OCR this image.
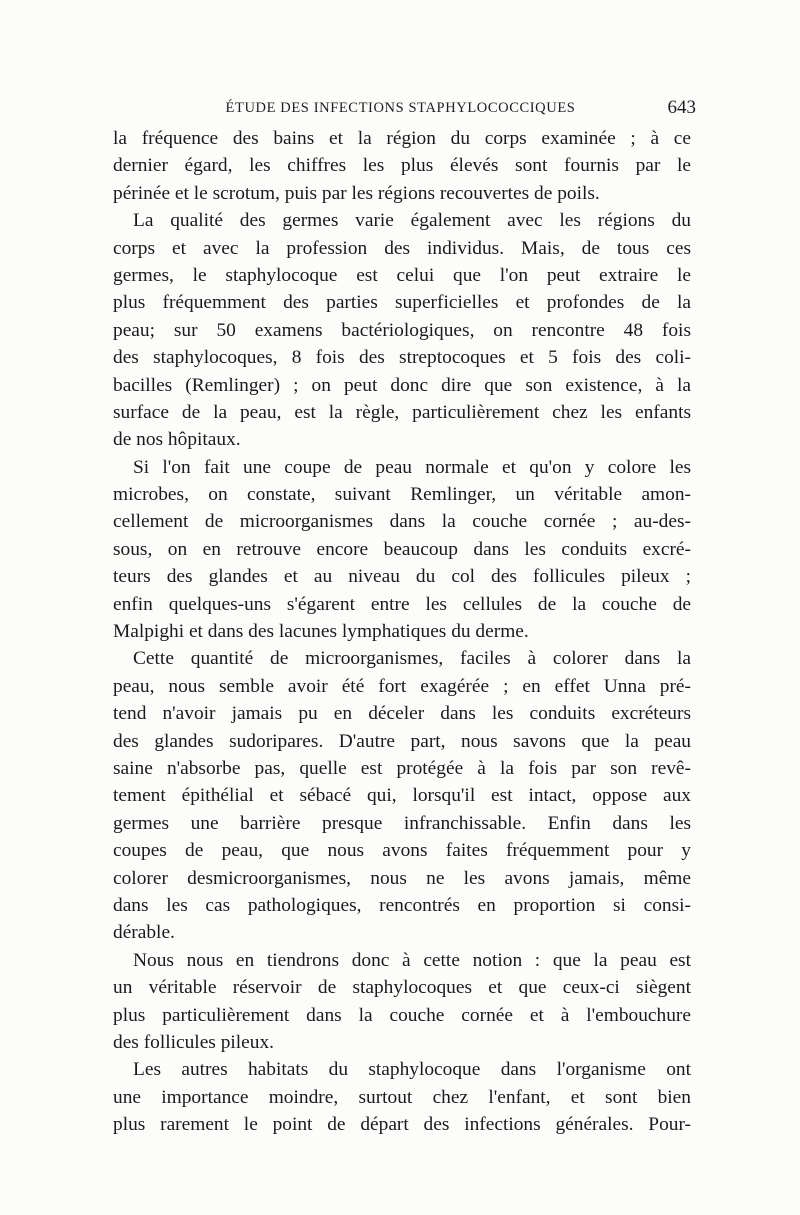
ÉTUDE DES INFECTIONS STAPHYLOCOCCIQUES	643
la fréquence des bains et la région du corps examinée ; à ce
dernier égard, les chiffres les plus élevés sont fournis par le
périnée et le scrotum, puis par les régions recouvertes de poils.
La qualité des germes varie également avec les régions du
corps et avec la profession des individus. Mais, de tous ces
germes, le staphylocoque est celui que l'on peut extraire le
plus fréquemment des parties superficielles et profondes de la
peau; sur 50 examens bactériologiques, on rencontre 48 fois
des staphylocoques, 8 fois des streptocoques et 5 fois des coli-
bacilles (Remlinger) ; on peut donc dire que son existence, à la
surface de la peau, est la règle, particulièrement chez les enfants
de nos hôpitaux.
Si l'on fait une coupe de peau normale et qu'on y colore les
microbes, on constate, suivant Remlinger, un véritable amon-
cellement de microorganismes dans la couche cornée ; au-des-
sous, on en retrouve encore beaucoup dans les conduits excré-
teurs des glandes et au niveau du col des follicules pileux ;
enfin quelques-uns s'égarent entre les cellules de la couche de
Malpighi et dans des lacunes lymphatiques du derme.
Cette quantité de microorganismes, faciles à colorer dans la
peau, nous semble avoir été fort exagérée ; en effet Unna pré-
tend n'avoir jamais pu en déceler dans les conduits excréteurs
des glandes sudoripares. D'autre part, nous savons que la peau
saine n'absorbe pas, quelle est protégée à la fois par son revê-
tement épithélial et sébacé qui, lorsqu'il est intact, oppose aux
germes une barrière presque infranchissable. Enfin dans les
coupes de peau, que nous avons faites fréquemment pour y
colorer desmicroorganismes, nous ne les avons jamais, même
dans les cas pathologiques, rencontrés en proportion si consi-
dérable.
Nous nous en tiendrons donc à cette notion : que la peau est
un véritable réservoir de staphylocoques et que ceux-ci siègent
plus particulièrement dans la couche cornée et à l'embouchure
des follicules pileux.
Les autres habitats du staphylocoque dans l'organisme ont
une importance moindre, surtout chez l'enfant, et sont bien
plus rarement le point de départ des infections générales. Pour-
